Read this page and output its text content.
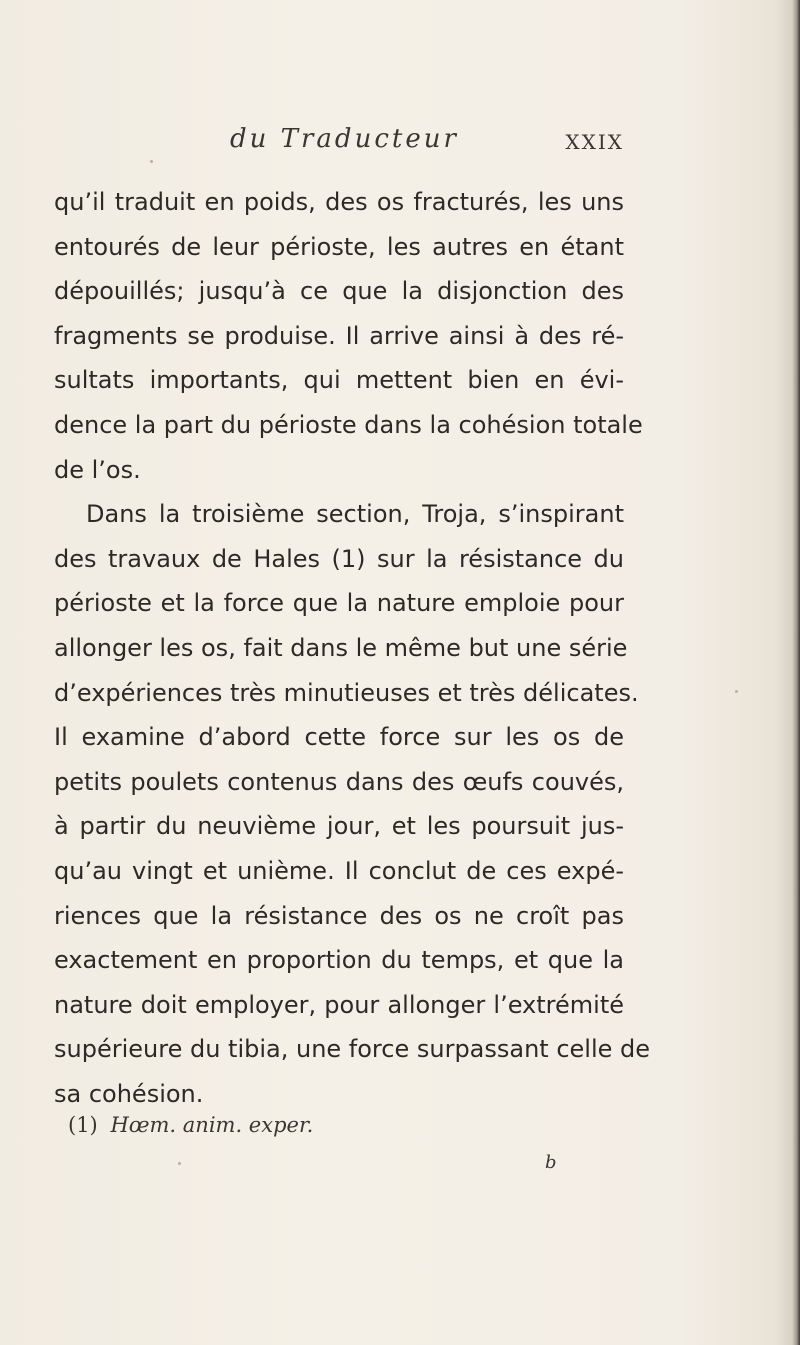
du Traducteur	XXIX
qu’il traduit en poids, des os fracturés, les uns
entourés de leur périoste, les autres en étant
dépouillés; jusqu’à ce que la disjonction des
fragments se produise. Il arrive ainsi à des ré-
sultats importants, qui mettent bien en évi-
dence la part du périoste dans la cohésion totale
de l’os.
Dans la troisième section, Troja, s’inspirant
des travaux de Hales (1) sur la résistance du
périoste et la force que la nature emploie pour
allonger les os, fait dans le même but une série
d’expériences très minutieuses et très délicates.
Il examine d’abord cette force sur les os de
petits poulets contenus dans des œufs couvés,
à partir du neuvième jour, et les poursuit jus-
qu’au vingt et unième. Il conclut de ces expé-
riences que la résistance des os ne croît pas
exactement en proportion du temps, et que la
nature doit employer, pour allonger l’extrémité
supérieure du tibia, une force surpassant celle de
sa cohésion.
(1) Hœm. anim. exper.
b
